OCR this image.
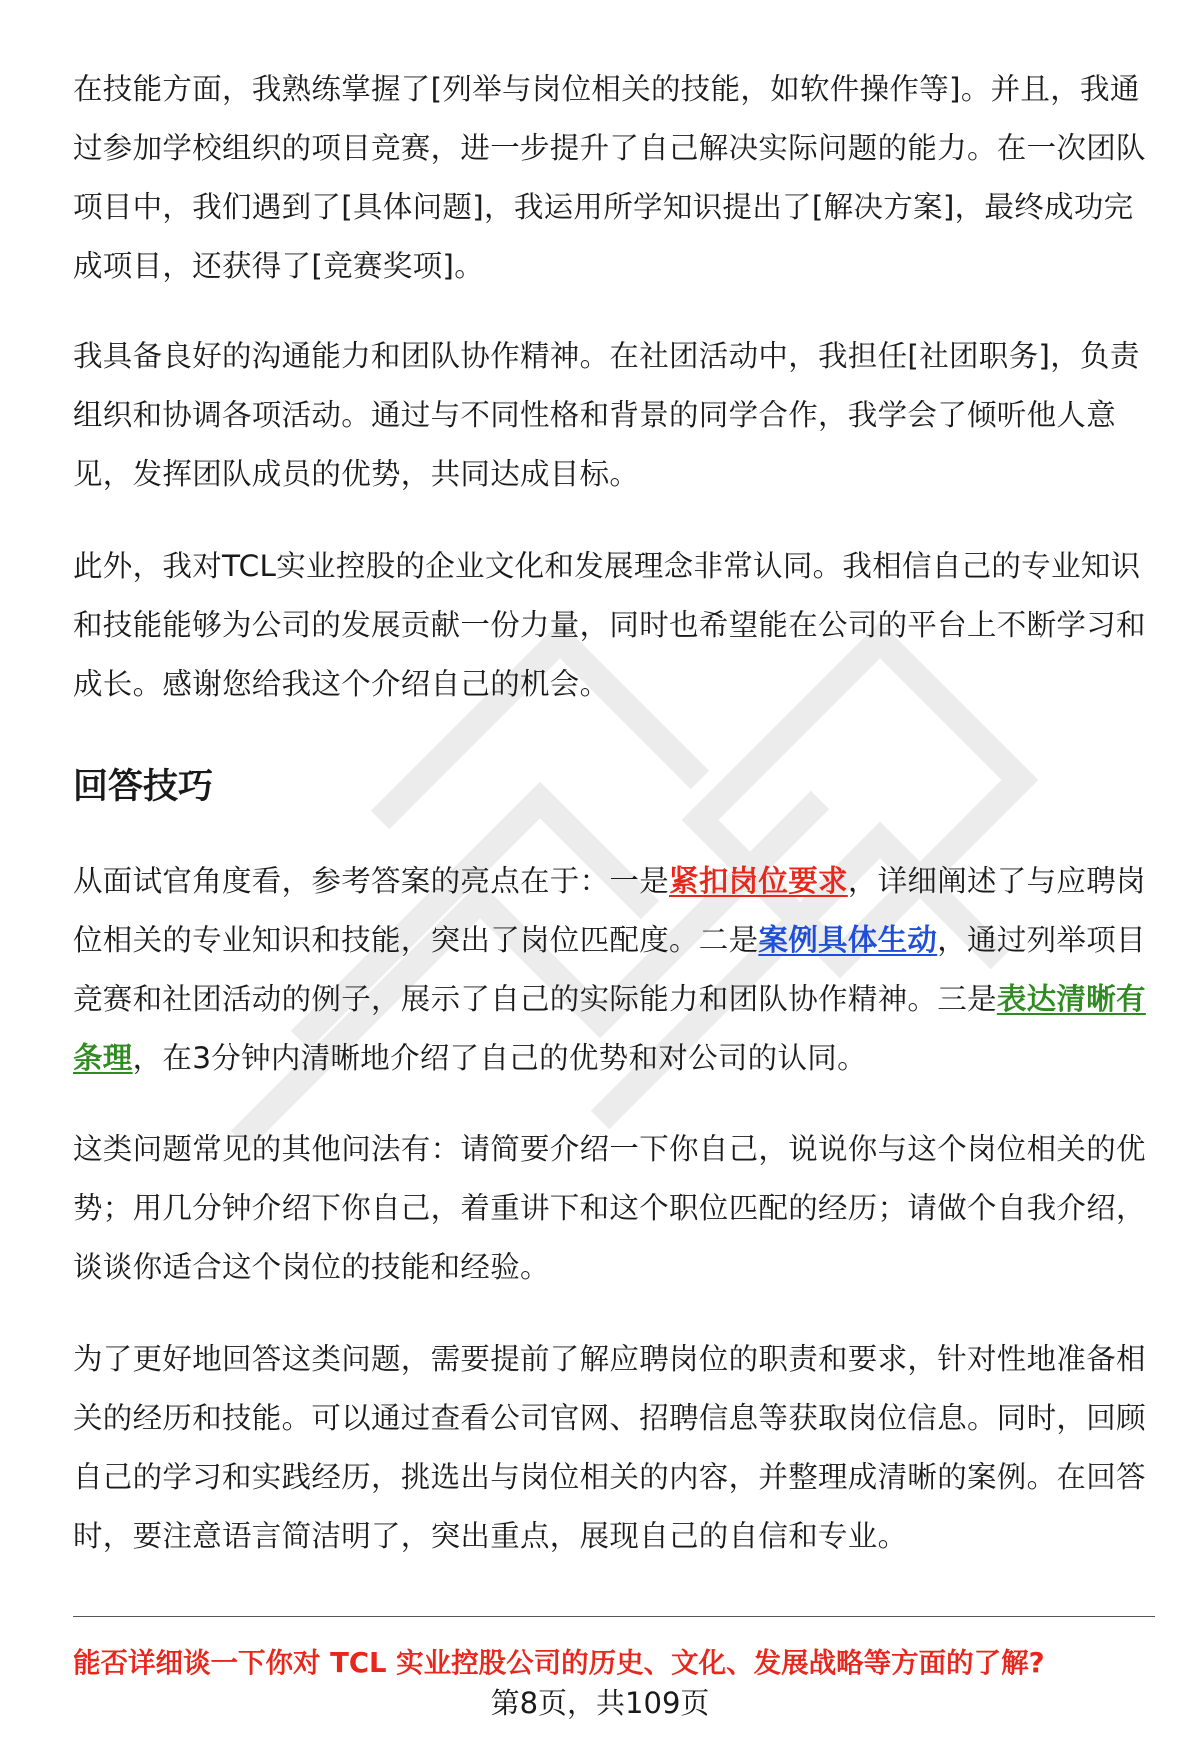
在技能方面，我熟练掌握了[列举与岗位相关的技能，如软件操作等]。并且，我通过参加学校组织的项目竞赛，进一步提升了自己解决实际问题的能力。在一次团队项目中，我们遇到了[具体问题]，我运用所学知识提出了[解决方案]，最终成功完成项目，还获得了[竞赛奖项]。

我具备良好的沟通能力和团队协作精神。在社团活动中，我担任[社团职务]，负责组织和协调各项活动。通过与不同性格和背景的同学合作，我学会了倾听他人意见，发挥团队成员的优势，共同达成目标。

此外，我对TCL实业控股的企业文化和发展理念非常认同。我相信自己的专业知识和技能能够为公司的发展贡献一份力量，同时也希望能在公司的平台上不断学习和成长。感谢您给我这个介绍自己的机会。

回答技巧

从面试官角度看，参考答案的亮点在于：一是紧扣岗位要求，详细阐述了与应聘岗位相关的专业知识和技能，突出了岗位匹配度。二是案例具体生动，通过列举项目竞赛和社团活动的例子，展示了自己的实际能力和团队协作精神。三是表达清晰有条理，在3分钟内清晰地介绍了自己的优势和对公司的认同。

这类问题常见的其他问法有：请简要介绍一下你自己，说说你与这个岗位相关的优势；用几分钟介绍下你自己，着重讲下和这个职位匹配的经历；请做个自我介绍，谈谈你适合这个岗位的技能和经验。

为了更好地回答这类问题，需要提前了解应聘岗位的职责和要求，针对性地准备相关的经历和技能。可以通过查看公司官网、招聘信息等获取岗位信息。同时，回顾自己的学习和实践经历，挑选出与岗位相关的内容，并整理成清晰的案例。在回答时，要注意语言简洁明了，突出重点，展现自己的自信和专业。

能否详细谈一下你对 TCL 实业控股公司的历史、文化、发展战略等方面的了解?

第8页，共109页
